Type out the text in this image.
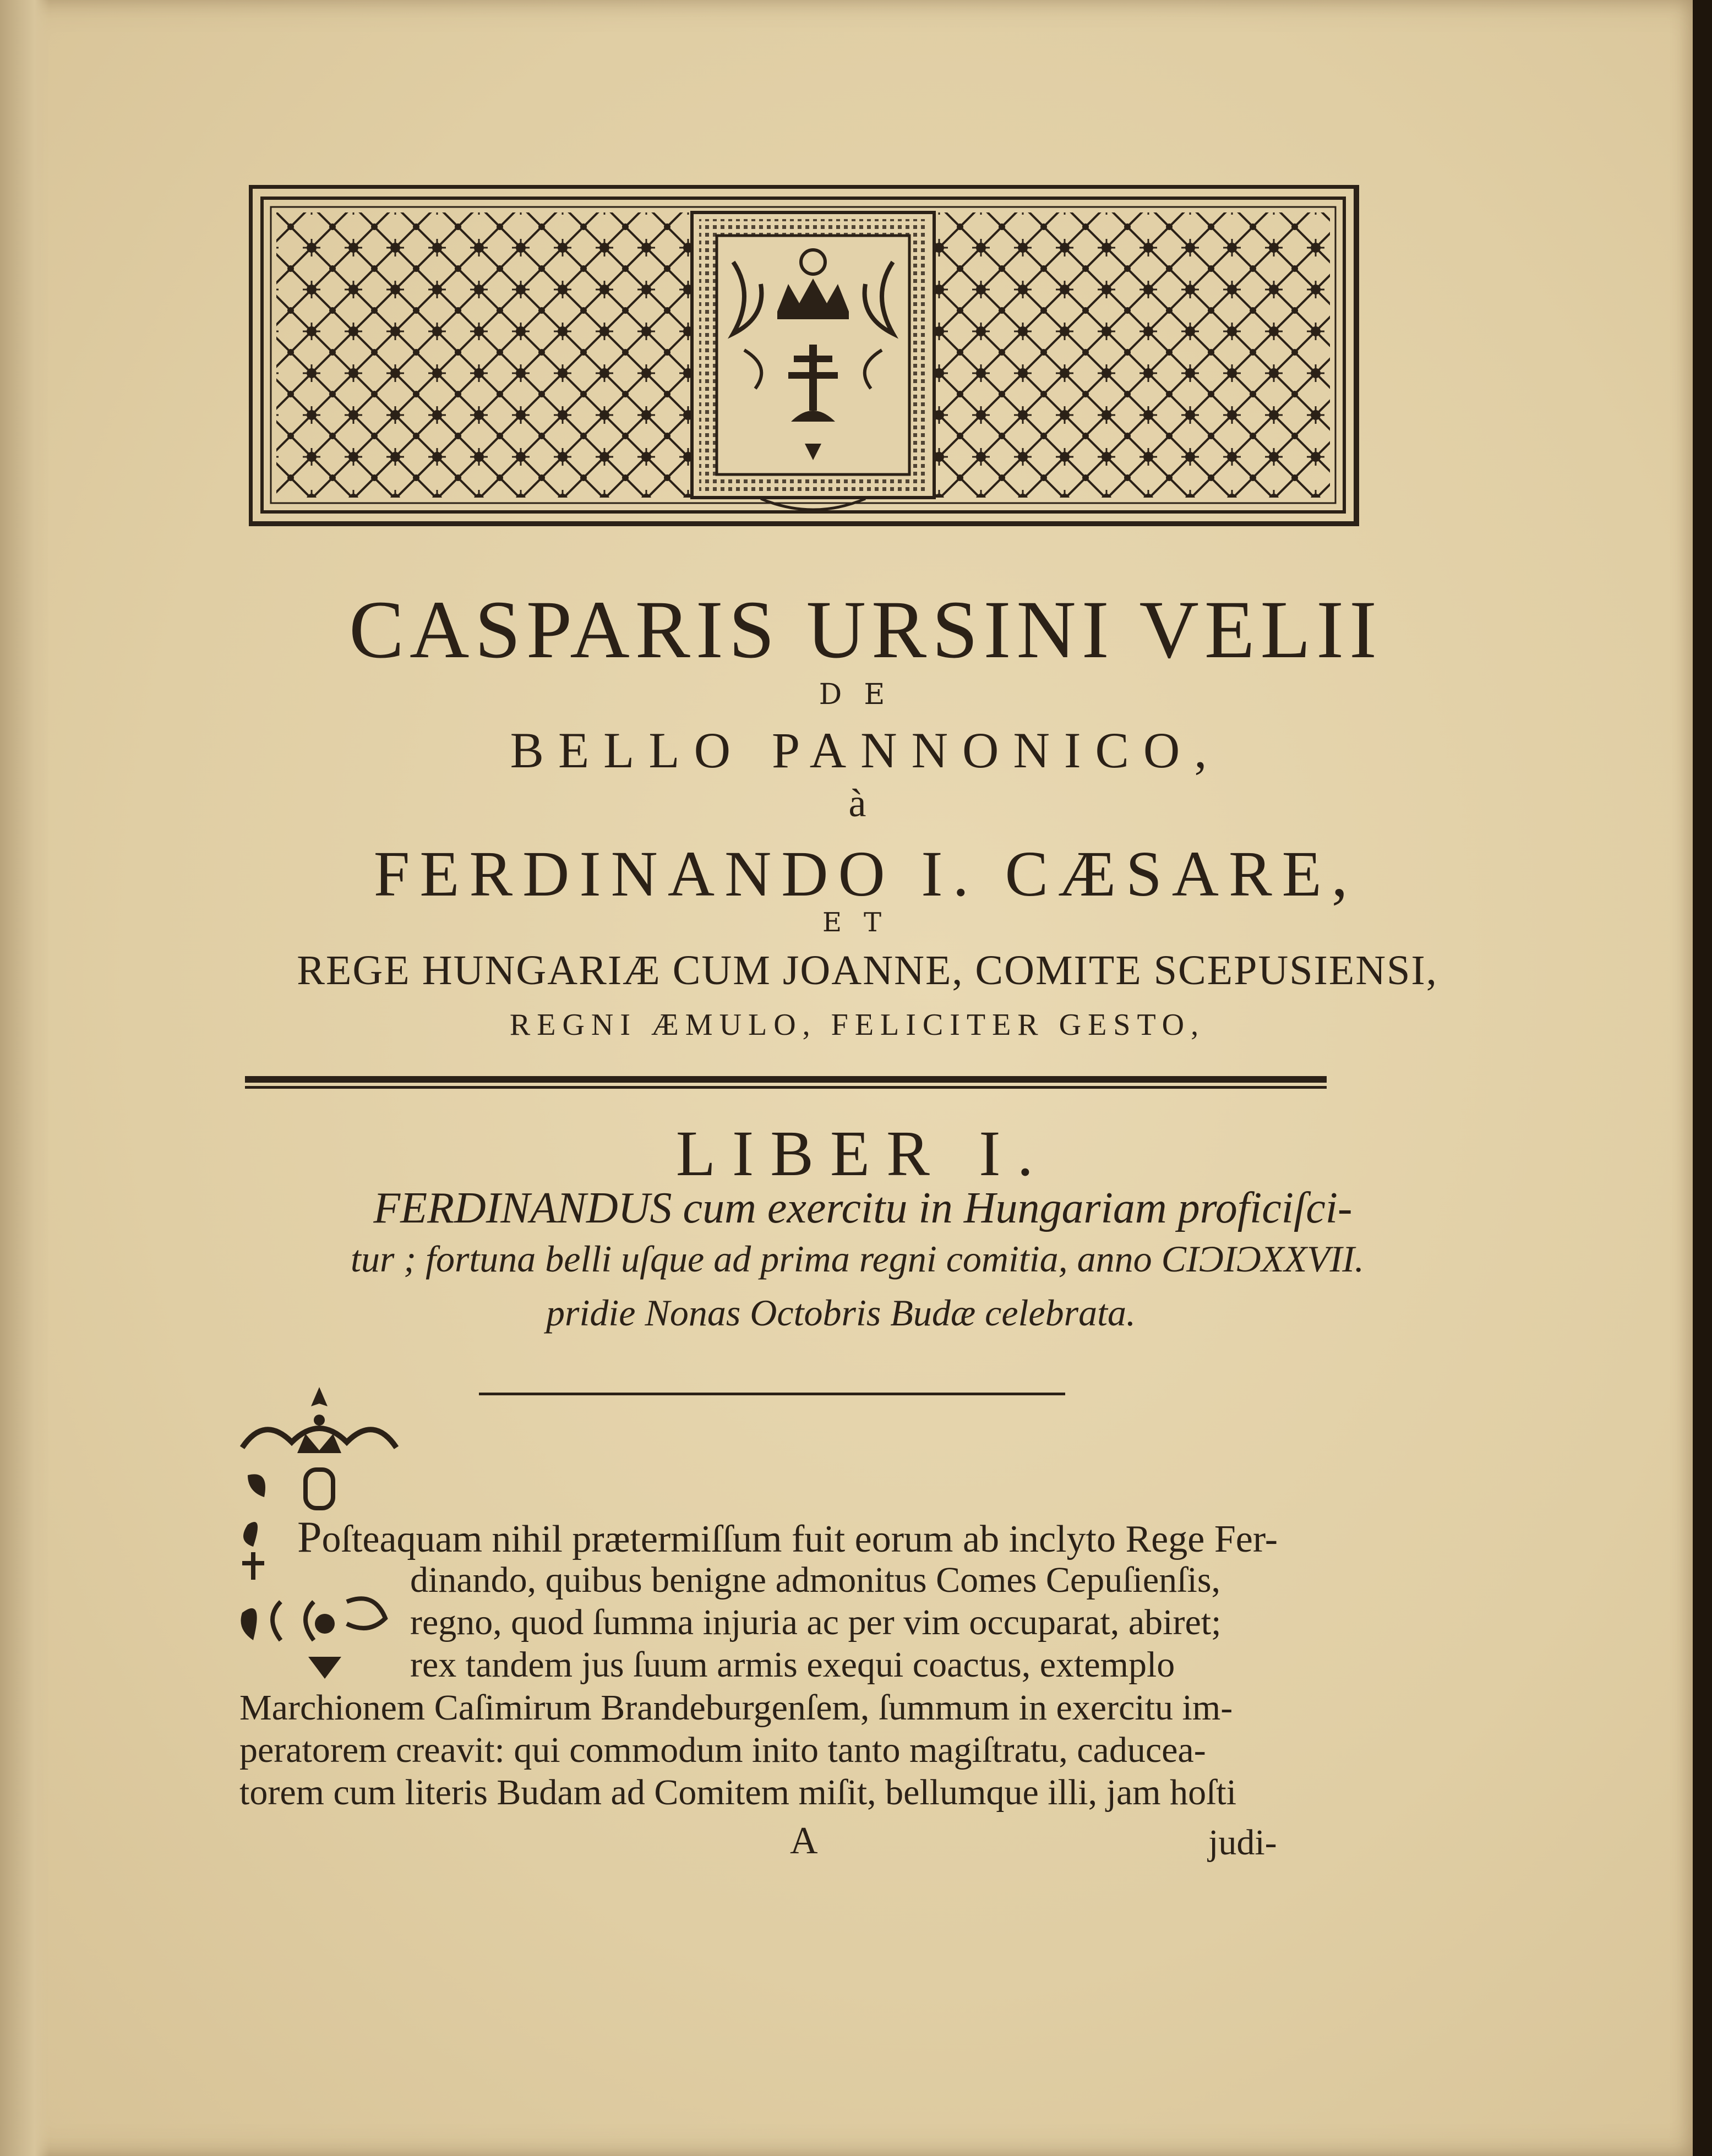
CASPARIS URSINI VELII
DE
BELLO PANNONICO,
à
FERDINANDO I. CÆSARE,
ET
REGE HUNGARIÆ CUM JOANNE, COMITE SCEPUSIENSI,
REGNI ÆMULO, FELICITER GESTO,
LIBER I.
FERDINANDUS cum exercitu in Hungariam proficiſci-
tur ; fortuna belli uſque ad prima regni comitia, anno CIƆIƆXXVII.
pridie Nonas Octobris Budæ celebrata.
Poſteaquam nihil prætermiſſum fuit eorum ab inclyto Rege Fer-
dinando, quibus benigne admonitus Comes Cepuſienſis,
regno, quod ſumma injuria ac per vim occuparat, abiret;
rex tandem jus ſuum armis exequi coactus, extemplo
Marchionem Caſimirum Brandeburgenſem, ſummum in exercitu im-
peratorem creavit: qui commodum inito tanto magiſtratu, caducea-
torem cum literis Budam ad Comitem miſit, bellumque illi, jam hoſti
A	judi-
